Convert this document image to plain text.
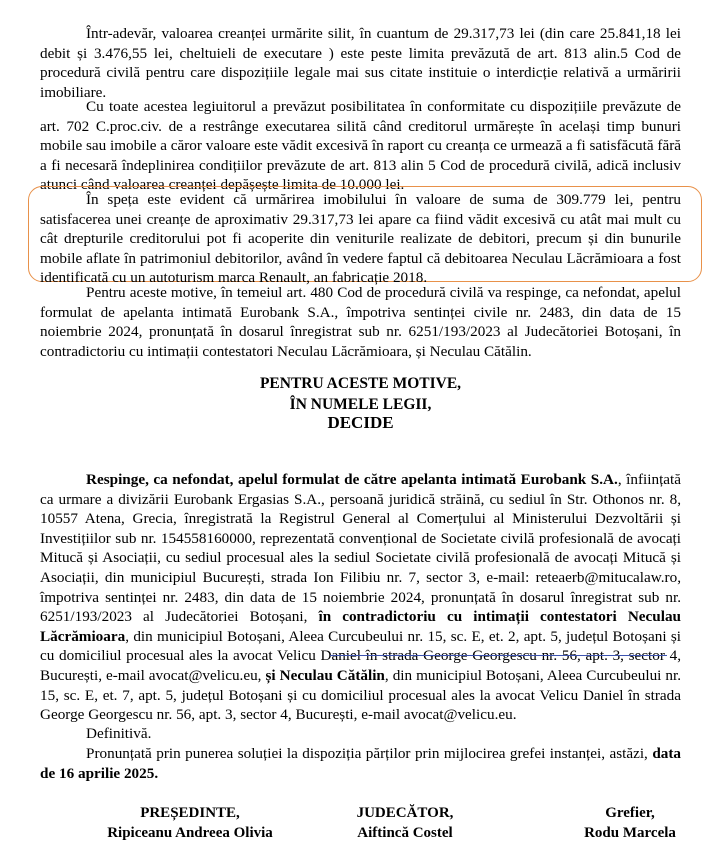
Într-adevăr, valoarea creanței urmărite silit, în cuantum de 29.317,73 lei (din care 25.841,18 lei debit și 3.476,55 lei, cheltuieli de executare ) este peste limita prevăzută de art. 813 alin.5 Cod de procedură civilă pentru care dispozițiile legale mai sus citate instituie o interdicție relativă a urmăririi imobiliare.

Cu toate acestea legiuitorul a prevăzut posibilitatea în conformitate cu dispozițiile prevăzute de art. 702 C.proc.civ. de a restrânge executarea silită când creditorul urmărește în același timp bunuri mobile sau imobile a căror valoare este vădit excesivă în raport cu creanța ce urmează a fi satisfăcută fără a fi necesară îndeplinirea condițiilor prevăzute de art. 813 alin 5 Cod de procedură civilă, adică inclusiv atunci când valoarea creanței depășește limita de 10.000 lei.

În speța este evident că urmărirea imobilului în valoare de suma de 309.779 lei, pentru satisfacerea unei creanțe de aproximativ 29.317,73 lei apare ca fiind vădit excesivă cu atât mai mult cu cât drepturile creditorului pot fi acoperite din veniturile realizate de debitori, precum și din bunurile mobile aflate în patrimoniul debitorilor, având în vedere faptul că debitoarea Neculau Lăcrămioara a fost identificată cu un autoturism marca Renault, an fabricație 2018.

Pentru aceste motive, în temeiul art. 480 Cod de procedură civilă va respinge, ca nefondat, apelul formulat de apelanta intimată Eurobank S.A., împotriva sentinței civile nr. 2483, din data de 15 noiembrie 2024, pronunțată în dosarul înregistrat sub nr. 6251/193/2023 al Judecătoriei Botoșani, în contradictoriu cu intimații contestatori Neculau Lăcrămioara, și Neculau Cătălin.

PENTRU ACESTE MOTIVE,

ÎN NUMELE LEGII,

DECIDE

Respinge, ca nefondat, apelul formulat de către apelanta intimată Eurobank S.A., înființată ca urmare a divizării Eurobank Ergasias S.A., persoană juridică străină, cu sediul în Str. Othonos nr. 8, 10557 Atena, Grecia, înregistrată la Registrul General al Comerțului al Ministerului Dezvoltării și Investițiilor sub nr. 154558160000, reprezentată convențional de Societate civilă profesională de avocați Mitucă și Asociații, cu sediul procesual ales la sediul Societate civilă profesională de avocați Mitucă și Asociații, din municipiul București, strada Ion Filibiu nr. 7, sector 3, e-mail: reteaerb@mitucalaw.ro, împotriva sentinței nr. 2483, din data de 15 noiembrie 2024, pronunțată în dosarul înregistrat sub nr. 6251/193/2023 al Judecătoriei Botoșani, în contradictoriu cu intimații contestatori Neculau Lăcrămioara, din municipiul Botoșani, Aleea Curcubeului nr. 15, sc. E, et. 2, apt. 5, județul Botoșani și cu domiciliul procesual ales la avocat Velicu Daniel în strada George Georgescu nr. 56, apt. 3, sector 4, București, e-mail avocat@velicu.eu, și Neculau Cătălin, din municipiul Botoșani, Aleea Curcubeului nr. 15, sc. E, et. 7, apt. 5, județul Botoșani și cu domiciliul procesual ales la avocat Velicu Daniel în strada George Georgescu nr. 56, apt. 3, sector 4, București, e-mail avocat@velicu.eu.

Definitivă.

Pronunțată prin punerea soluției la dispoziția părților prin mijlocirea grefei instanței, astăzi, data de 16 aprilie 2025.

PREȘEDINTE,
Ripiceanu Andreea Olivia
JUDECĂTOR,
Aiftincă Costel
Grefier,
Rodu Marcela
